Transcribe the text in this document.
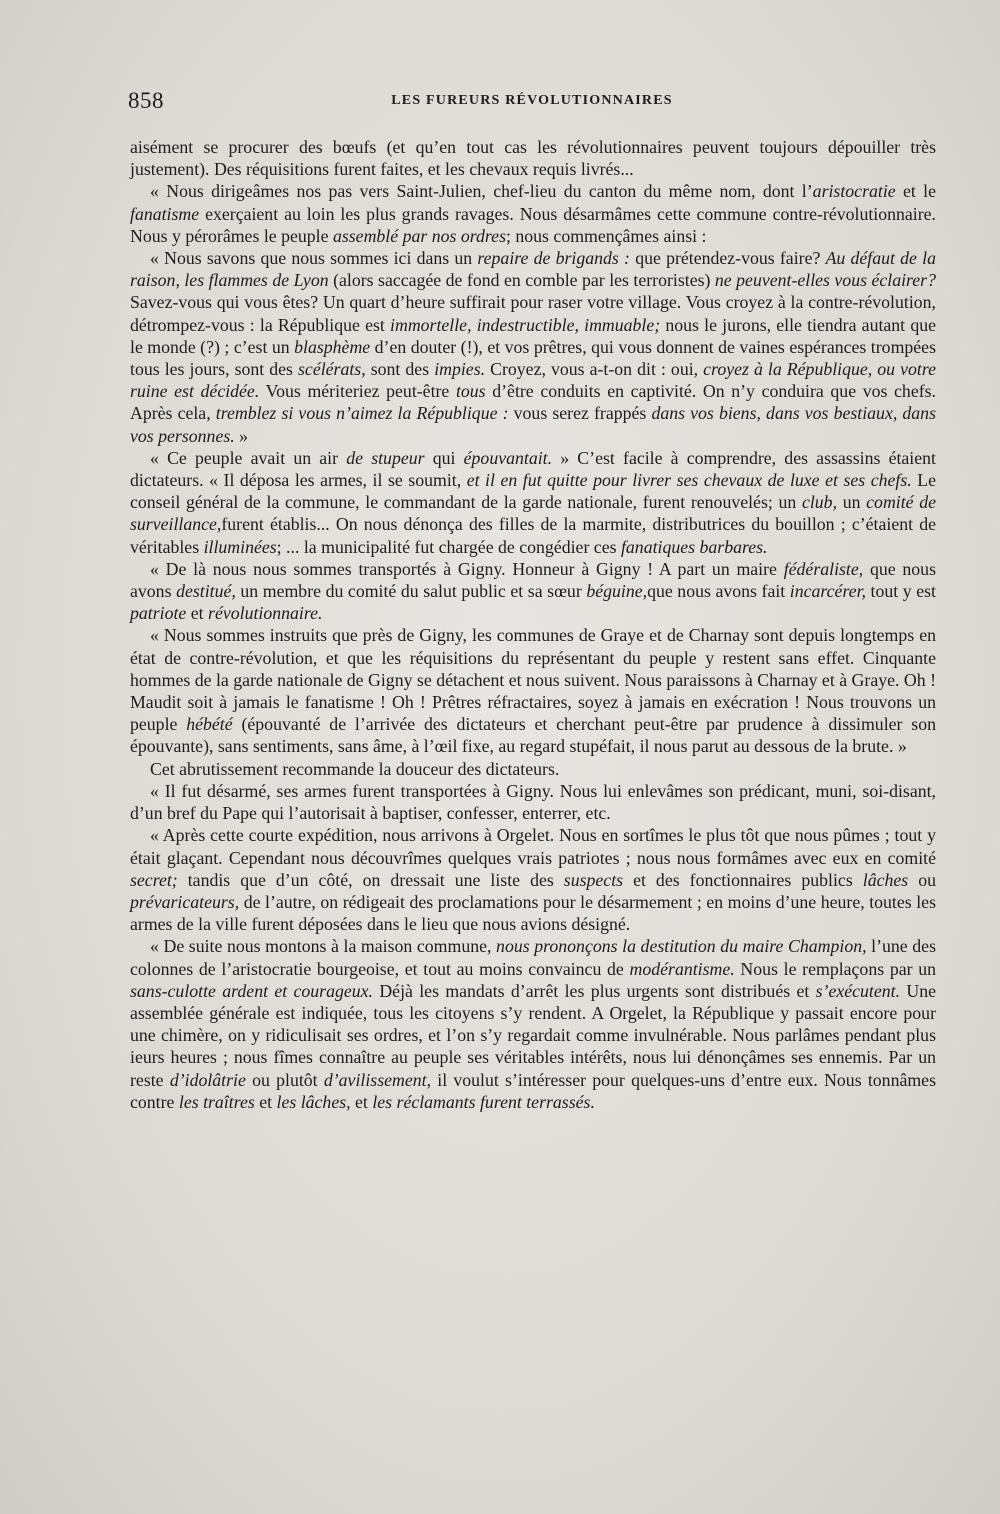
858	LES FUREURS RÉVOLUTIONNAIRES

aisément se procurer des bœufs (et qu’en tout cas les révolutionnaires peuvent toujours dépouiller très justement). Des réquisitions furent faites, et les chevaux requis livrés...

« Nous dirigeâmes nos pas vers Saint-Julien, chef-lieu du canton du même nom, dont l’aristocratie et le fanatisme exerçaient au loin les plus grands ravages. Nous désarmâmes cette commune contre-révolutionnaire. Nous y pérorâmes le peuple assemblé par nos ordres; nous commençâmes ainsi :

« Nous savons que nous sommes ici dans un repaire de brigands : que prétendez-vous faire? Au défaut de la raison, les flammes de Lyon (alors saccagée de fond en comble par les terroristes) ne peuvent-elles vous éclairer? Savez-vous qui vous êtes? Un quart d’heure suffirait pour raser votre village. Vous croyez à la contre-révolution, détrompez-vous : la République est immortelle, indestructible, immuable; nous le jurons, elle tiendra autant que le monde (?) ; c’est un blasphème d’en douter (!), et vos prêtres, qui vous donnent de vaines espérances trompées tous les jours, sont des scélérats, sont des impies. Croyez, vous a-t-on dit : oui, croyez à la République, ou votre ruine est décidée. Vous mériteriez peut-être tous d’être conduits en captivité. On n’y conduira que vos chefs. Après cela, tremblez si vous n’aimez la République : vous serez frappés dans vos biens, dans vos bestiaux, dans vos personnes. »

« Ce peuple avait un air de stupeur qui épouvantait. » C’est facile à comprendre, des assassins étaient dictateurs. « Il déposa les armes, il se soumit, et il en fut quitte pour livrer ses chevaux de luxe et ses chefs. Le conseil général de la commune, le commandant de la garde nationale, furent renouvelés; un club, un comité de surveillance,furent établis... On nous dénonça des filles de la marmite, distributrices du bouillon ; c’étaient de véritables illuminées; ... la municipalité fut chargée de congédier ces fanatiques barbares.

« De là nous nous sommes transportés à Gigny. Honneur à Gigny ! A part un maire fédéraliste, que nous avons destitué, un membre du comité du salut public et sa sœur béguine,que nous avons fait incarcérer, tout y est patriote et révolutionnaire.

« Nous sommes instruits que près de Gigny, les communes de Graye et de Charnay sont depuis longtemps en état de contre-révolution, et que les réquisitions du représentant du peuple y restent sans effet. Cinquante hommes de la garde nationale de Gigny se détachent et nous suivent. Nous paraissons à Charnay et à Graye. Oh ! Maudit soit à jamais le fanatisme ! Oh ! Prêtres réfractaires, soyez à jamais en exécration ! Nous trouvons un peuple hébété (épouvanté de l’arrivée des dictateurs et cherchant peut-être par prudence à dissimuler son épouvante), sans sentiments, sans âme, à l’œil fixe, au regard stupéfait, il nous parut au dessous de la brute. »

Cet abrutissement recommande la douceur des dictateurs.

« Il fut désarmé, ses armes furent transportées à Gigny. Nous lui enlevâmes son prédicant, muni, soi-disant, d’un bref du Pape qui l’autorisait à baptiser, confesser, enterrer, etc.

« Après cette courte expédition, nous arrivons à Orgelet. Nous en sortîmes le plus tôt que nous pûmes ; tout y était glaçant. Cependant nous découvrîmes quelques vrais patriotes ; nous nous formâmes avec eux en comité secret; tandis que d’un côté, on dressait une liste des suspects et des fonctionnaires publics lâches ou prévaricateurs, de l’autre, on rédigeait des proclamations pour le désarmement ; en moins d’une heure, toutes les armes de la ville furent déposées dans le lieu que nous avions désigné.

« De suite nous montons à la maison commune, nous prononçons la destitution du maire Champion, l’une des colonnes de l’aristocratie bourgeoise, et tout au moins convaincu de modérantisme. Nous le remplaçons par un sans-culotte ardent et courageux. Déjà les mandats d’arrêt les plus urgents sont distribués et s’exécutent. Une assemblée générale est indiquée, tous les citoyens s’y rendent. A Orgelet, la République y passait encore pour une chimère, on y ridiculisait ses ordres, et l’on s’y regardait comme invulnérable. Nous parlâmes pendant plus ieurs heures ; nous fîmes connaître au peuple ses véritables intérêts, nous lui dénonçâmes ses ennemis. Par un reste d’idolâtrie ou plutôt d’avilissement, il voulut s’intéresser pour quelques-uns d’entre eux. Nous tonnâmes contre les traîtres et les lâches, et les réclamants furent terrassés.
